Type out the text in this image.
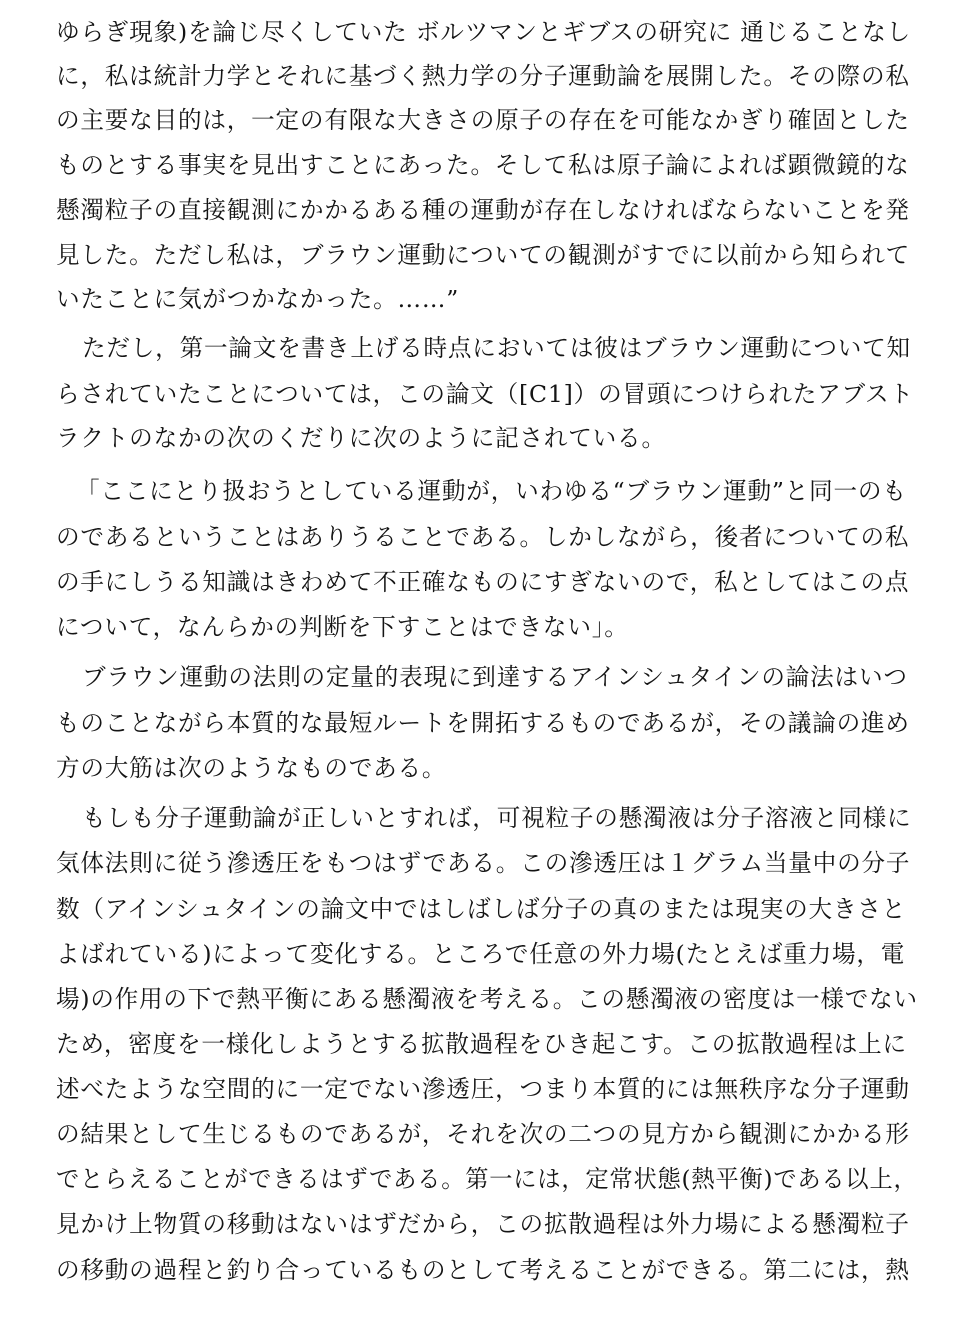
ゆらぎ現象)を論じ尽くしていた ボルツマンとギブスの研究に 通じることなし
に，私は統計力学とそれに基づく熱力学の分子運動論を展開した。その際の私
の主要な目的は，一定の有限な大きさの原子の存在を可能なかぎり確固とした
ものとする事実を見出すことにあった。そして私は原子論によれば顕微鏡的な
懸濁粒子の直接観測にかかるある種の運動が存在しなければならないことを発
見した。ただし私は，ブラウン運動についての観測がすでに以前から知られて
いたことに気がつかなかった。……”
ただし，第一論文を書き上げる時点においては彼はブラウン運動について知
らされていたことについては，この論文（[C1]）の冒頭につけられたアブスト
ラクトのなかの次のくだりに次のように記されている。
「ここにとり扱おうとしている運動が，いわゆる“ブラウン運動”と同一のも
のであるということはありうることである。しかしながら，後者についての私
の手にしうる知識はきわめて不正確なものにすぎないので，私としてはこの点
について，なんらかの判断を下すことはできない」。
ブラウン運動の法則の定量的表現に到達するアインシュタインの論法はいつ
ものことながら本質的な最短ルートを開拓するものであるが，その議論の進め
方の大筋は次のようなものである。
もしも分子運動論が正しいとすれば，可視粒子の懸濁液は分子溶液と同様に
気体法則に従う滲透圧をもつはずである。この滲透圧は１グラム当量中の分子
数（アインシュタインの論文中ではしばしば分子の真のまたは現実の大きさと
よばれている)によって変化する。ところで任意の外力場(たとえば重力場，電
場)の作用の下で熱平衡にある懸濁液を考える。この懸濁液の密度は一様でない
ため，密度を一様化しようとする拡散過程をひき起こす。この拡散過程は上に
述べたような空間的に一定でない滲透圧，つまり本質的には無秩序な分子運動
の結果として生じるものであるが，それを次の二つの見方から観測にかかる形
でとらえることができるはずである。第一には，定常状態(熱平衡)である以上，
見かけ上物質の移動はないはずだから，この拡散過程は外力場による懸濁粒子
の移動の過程と釣り合っているものとして考えることができる。第二には，熱
